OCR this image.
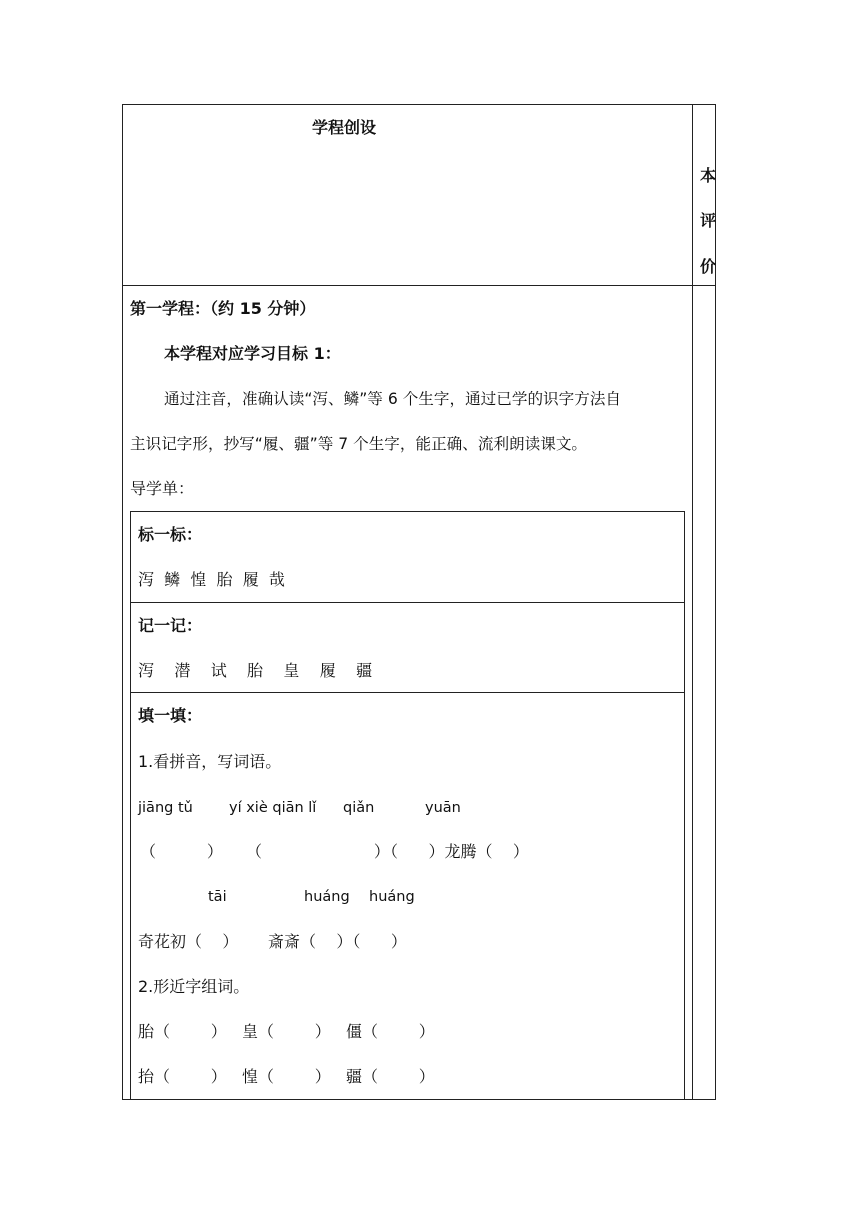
学程创设
本
评
价
第一学程：（约 15 分钟）
本学程对应学习目标 1：
通过注音，准确认读“泻、鳞”等 6 个生字，通过已学的识字方法自
主识记字形，抄写“履、疆”等 7 个生字，能正确、流利朗读课文。
导学单：
标一标：
泻  鳞  惶  胎  履  哉
记一记：
泻    潜    试    胎    皇    履    疆
填一填：
1.看拼音，写词语。
jiāng tǔ yí xiè qiān lǐ qiǎn	yuān
（          ） （                      ）
（      ）龙腾（    ）
tāi	huáng huáng
奇花初（    ） 斎斎（    ）（      ）
2.形近字组词。
胎（        ） 皇（        ） 僵（        ）
抬（        ） 惶（        ） 疆（        ）
